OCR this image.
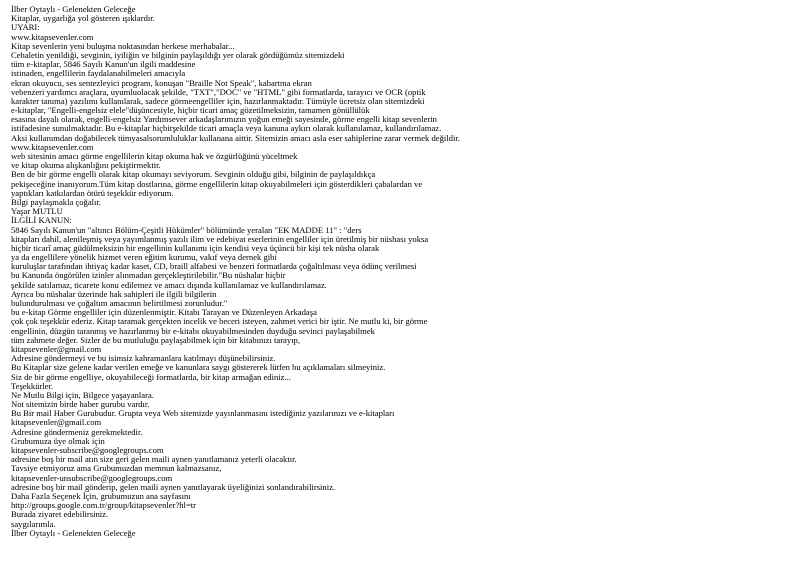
İlber Oytaylı - Gelenekten Geleceğe
Kitaplar, uygarlığa yol gösteren ışıklardır.
UYARI:
www.kitapsevenler.com
Kitap sevenlerin yeni buluşma noktasından herkese merhabalar...
Cehaletin yenildiği, sevginin, iyiliğin ve bilginin paylaşıldığı yer olarak gördüğümüz sitemizdeki
tüm e-kitaplar, 5846 Sayılı Kanun'un ilgili maddesine
istinaden, engellilerin faydalanabilmeleri amacıyla
ekran okuyucu, ses sentezleyici program, konuşan "Braille Not Speak", kabartma ekran
vebenzeri yardımcı araçlara, uyumluolacak şekilde, "TXT","DOC" ve "HTML" gibi formatlarda, tarayıcı ve OCR (optik
karakter tanıma) yazılımı kullanılarak, sadece görmeengelliler için, hazırlanmaktadır. Tümüyle ücretsiz olan sitemizdeki
e-kitaplar, "Engelli-engelsiz elele"düşüncesiyle, hiçbir ticari amaç gözetilmeksizin, tamamen gönüllülük
esasına dayalı olarak, engelli-engelsiz Yardımsever arkadaşlarımızın yoğun emeği sayesinde, görme engelli kitap sevenlerin
istifadesine sunulmaktadır. Bu e-kitaplar hiçbirşekilde ticari amaçla veya kanuna aykırı olarak kullanılamaz, kullandırılamaz.
Aksi kullanımdan doğabilecek tümyasalsorumluluklar kullanana aittir. Sitemizin amacı asla eser sahiplerine zarar vermek değildir.
www.kitapsevenler.com
web sitesinin amacı görme engellilerin kitap okuma hak ve özgürlüğünü yüceltmek
ve kitap okuma alışkanlığını pekiştirmektir.
Ben de bir görme engelli olarak kitap okumayı seviyorum. Sevginin olduğu gibi, bilginin de paylaşıldıkça
pekişeceğine inanıyorum.Tüm kitap dostlarına, görme engellilerin kitap okuyabilmeleri için gösterdikleri çabalardan ve
yaptıkları katkılardan ötürü teşekkür ediyorum.
Bilgi paylaşmakla çoğalır.
Yaşar MUTLU
İLGİLİ KANUN:
5846 Sayılı Kanun'un "altıncı Bölüm-Çeşitli Hükümler" bölümünde yeralan "EK MADDE 11" : "ders
kitapları dahil, alenileşmiş veya yayımlanmış yazılı ilim ve edebiyat eserlerinin engelliler için üretilmiş bir nüshası yoksa
hiçbir ticarî amaç güdülmeksizin bir engellinin kullanımı için kendisi veya üçüncü bir kişi tek nüsha olarak
ya da engellilere yönelik hizmet veren eğitim kurumu, vakıf veya dernek gibi
kuruluşlar tarafından ihtiyaç kadar kaset, CD, braill alfabesi ve benzeri formatlarda çoğaltılması veya ödünç verilmesi
bu Kanunda öngörülen izinler alınmadan gerçekleştirilebilir."Bu nüshalar hiçbir
şekilde satılamaz, ticarete konu edilemez ve amacı dışında kullanılamaz ve kullandırılamaz.
Ayrıca bu nüshalar üzerinde hak sahipleri ile ilgili bilgilerin
bulundurulması ve çoğaltım amacının belirtilmesi zorunludur."
bu e-kitap Görme engelliler için düzenlenmiştir. Kitabı Tarayan ve Düzenleyen Arkadaşa
çok çok teşekkür ederiz. Kitap taramak gerçekten incelik ve beceri isteyen, zahmet verici bir iştir. Ne mutlu ki, bir görme
engellinin, düzgün taranmış ve hazırlanmış bir e-kitabı okuyabilmesinden duyduğu sevinci paylaşabilmek
tüm zahmete değer. Sizler de bu mutluluğu paylaşabilmek için bir kitabınızı tarayıp,
kitapsevenler@gmail.com
Adresine göndermeyi ve bu isimsiz kahramanlara katılmayı düşünebilirsiniz.
Bu Kitaplar size gelene kadar verilen emeğe ve kanunlara saygı göstererek lütfen bu açıklamaları silmeyiniz.
Siz de bir görme engelliye, okuyabileceği formatlarda, bir kitap armağan ediniz...
Teşekkürler.
Ne Mutlu Bilgi için, Bilgece yaşayanlara.
Not sitemizin birde haber gurubu vardır.
Bu Bir mail Haber Gurubudur. Grupta veya Web sitemizde yayınlanmasını istediğiniz yazılarınızı ve e-kitapları
kitapsevenler@gmail.com
Adresine göndermeniz gerekmektedir.
Grubumuza üye olmak için
kitapsevenler-subscribe@googlegroups.com
adresine boş bir mail atın size geri gelen maili aynen yanıtlamanız yeterli olacaktır.
Tavsiye etmiyoruz ama Grubumuzdan memnun kalmazsanız,
kitapsevenler-unsubscribe@googlegroups.com
adresine boş bir mail gönderip, gelen maili aynen yanıtlayarak üyeliğinizi sonlandırabilirsiniz.
Daha Fazla Seçenek İçin, grubumuzun ana sayfasını
http://groups.google.com.tr/group/kitapsevenler?hl=tr
Burada ziyaret edebilirsiniz.
saygılarımla.
İlber Oytaylı - Gelenekten Geleceğe
